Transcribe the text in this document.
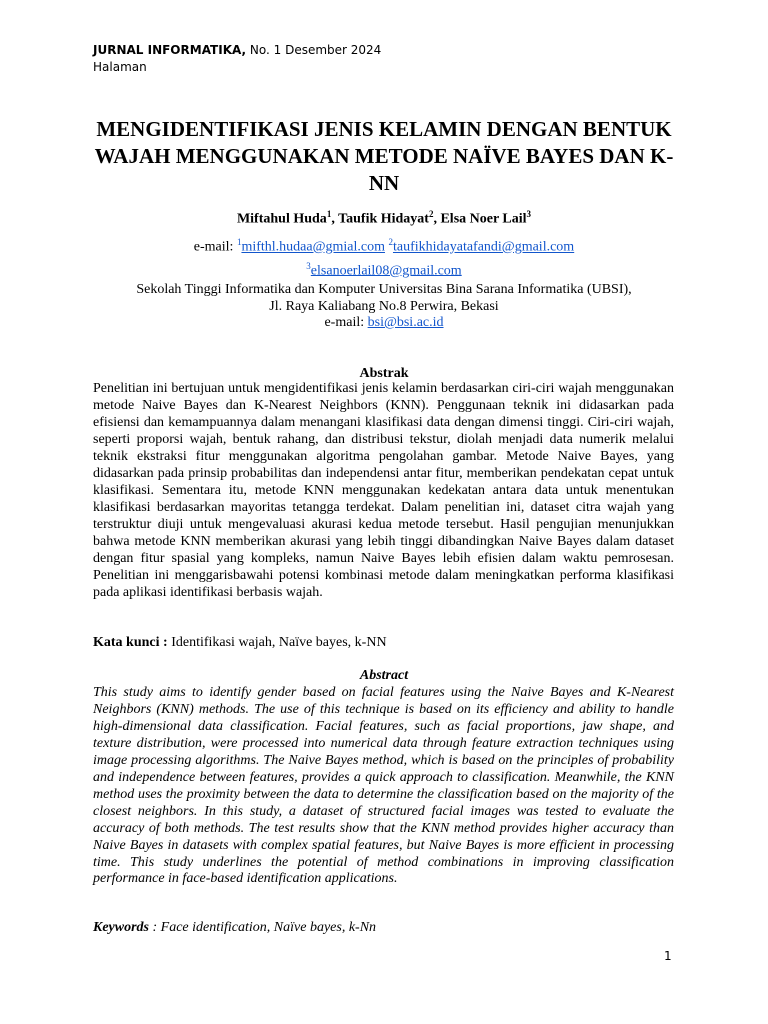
JURNAL INFORMATIKA, No. 1 Desember 2024
Halaman
MENGIDENTIFIKASI JENIS KELAMIN DENGAN BENTUK WAJAH MENGGUNAKAN METODE NAÏVE BAYES DAN K-NN
Miftahul Huda$^1$, Taufik Hidayat$^2$, Elsa Noer Lail$^3$
e-mail: $^1$mifthl.hudaa@gmial.com $^2$taufikhidayatafandi@gmail.com
$^3$elsanoerlail08@gmail.com
Sekolah Tinggi Informatika dan Komputer Universitas Bina Sarana Informatika (UBSI),
Jl. Raya Kaliabang No.8 Perwira, Bekasi
e-mail: bsi@bsi.ac.id
Abstrak

Penelitian ini bertujuan untuk mengidentifikasi jenis kelamin berdasarkan ciri-ciri wajah menggunakan metode Naive Bayes dan K-Nearest Neighbors (KNN). Penggunaan teknik ini didasarkan pada efisiensi dan kemampuannya dalam menangani klasifikasi data dengan dimensi tinggi. Ciri-ciri wajah, seperti proporsi wajah, bentuk rahang, dan distribusi tekstur, diolah menjadi data numerik melalui teknik ekstraksi fitur menggunakan algoritma pengolahan gambar. Metode Naive Bayes, yang didasarkan pada prinsip probabilitas dan independensi antar fitur, memberikan pendekatan cepat untuk klasifikasi. Sementara itu, metode KNN menggunakan kedekatan antara data untuk menentukan klasifikasi berdasarkan mayoritas tetangga terdekat. Dalam penelitian ini, dataset citra wajah yang terstruktur diuji untuk mengevaluasi akurasi kedua metode tersebut. Hasil pengujian menunjukkan bahwa metode KNN memberikan akurasi yang lebih tinggi dibandingkan Naive Bayes dalam dataset dengan fitur spasial yang kompleks, namun Naive Bayes lebih efisien dalam waktu pemrosesan. Penelitian ini menggarisbawahi potensi kombinasi metode dalam meningkatkan performa klasifikasi pada aplikasi identifikasi berbasis wajah.

Kata kunci : Identifikasi wajah, Naïve bayes, k-NN
Abstract

This study aims to identify gender based on facial features using the Naive Bayes and K-Nearest Neighbors (KNN) methods. The use of this technique is based on its efficiency and ability to handle high-dimensional data classification. Facial features, such as facial proportions, jaw shape, and texture distribution, were processed into numerical data through feature extraction techniques using image processing algorithms. The Naive Bayes method, which is based on the principles of probability and independence between features, provides a quick approach to classification. Meanwhile, the KNN method uses the proximity between the data to determine the classification based on the majority of the closest neighbors. In this study, a dataset of structured facial images was tested to evaluate the accuracy of both methods. The test results show that the KNN method provides higher accuracy than Naive Bayes in datasets with complex spatial features, but Naive Bayes is more efficient in processing time. This study underlines the potential of method combinations in improving classification performance in face-based identification applications.

Keywords : Face identification, Naïve bayes, k-Nn
1
